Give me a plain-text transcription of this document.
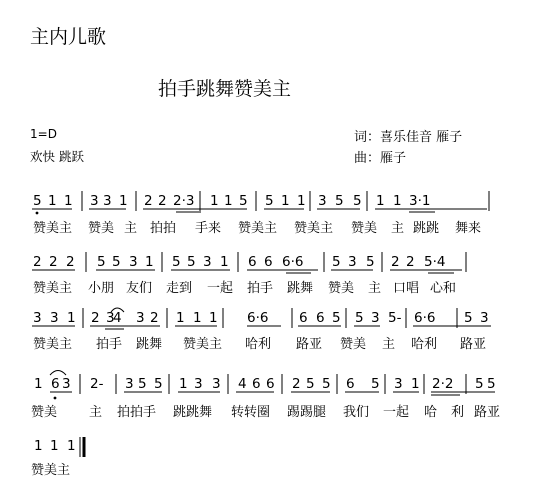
主内儿歌
拍手跳舞赞美主
1=D
欢快 跳跃
词：喜乐佳音 雁子
曲：雁子
5 1 1 3 3 1 2 2 2·3 1 1 5 5 1 1 3 5 5 1 1 3·1
2 2 2 5 5 3 1 5 5 3 1 6 6 6·6 5 3 5 2 2 5·4
3 3 1 2 3
4 3 2 1 1 1 6·6 6 6 5 5 3 5- 6·6 5 3
1 6 3 2- 3 5 5 1 3 3 4 6 6 2 5 5 6 5 3 1 2·2 5 5
1 1 1
赞美主 赞美 主 拍拍 手来 赞美主 赞美主 赞美 主 跳跳 舞来
赞美主 小朋 友们 走到 一起 拍手 跳舞 赞美 主 口唱 心和
赞美主 拍手 跳舞 赞美主 哈利 路亚 赞美 主 哈利 路亚
赞美 主 拍拍手 跳跳舞 转转圈 踢踢腿 我们 一起 哈 利 路亚
赞美主
